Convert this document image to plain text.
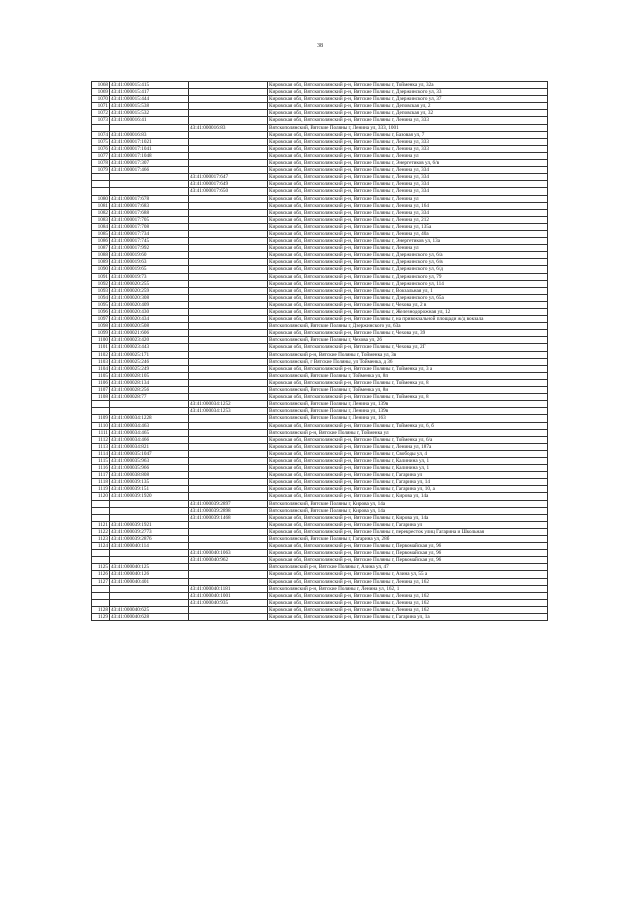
38
1068	43:41:000015:415		Кировская обл, Вятскополянский р-н, Вятские Поляны г, Тойменка ул, 32а
1069	43:41:000015:417		Кировская обл, Вятскополянский р-н, Вятские Поляны г, Дзержинского ул, 33
1070	43:41:000015:444		Кировская обл, Вятскополянский р-н, Вятские Поляны г, Дзержинского ул, 37
1071	43:41:000015:538		Кировская обл, Вятскополянский р-н, Вятские Поляны г, Деповская ул, 2
1072	43:41:000015:532		Кировская обл, Вятскополянский р-н, Вятские Поляны г, Деповская ул, 32
1073	43:41:000016:41		Кировская обл, Вятскополянский р-н, Вятские Поляны г, Ленина ул, 333
		43:41:000016:83	Вятскополянский, Вятские Поляны г, Ленина ул, 333, 1001
1074	43:41:000016:83		Кировская обл, Вятскополянский р-н, Вятские Поляны г, Базовая ул, 7
1075	43:41:000017:1021		Кировская обл, Вятскополянский р-н, Вятские Поляны г, Ленина ул, 333
1076	43:41:000017:1041		Кировская обл, Вятскополянский р-н, Вятские Поляны г, Ленина ул, 333
1077	43:41:000017:1048		Кировская обл, Вятскополянский р-н, Вятские Поляны г, Ленина ул
1078	43:41:000017:307		Кировская обл, Вятскополянский р-н, Вятские Поляны г, Энергетиков ул, 6/в
1079	43:41:000017:466		Кировская обл, Вятскополянский р-н, Вятские Поляны г, Ленина ул, 334
		43:41:000017:647	Кировская обл, Вятскополянский р-н, Вятские Поляны г, Ленина ул, 334
		43:41:000017:649	Кировская обл, Вятскополянский р-н, Вятские Поляны г, Ленина ул, 334
		43:41:000017:650	Кировская обл, Вятскополянский р-н, Вятские Поляны г, Ленина ул, 334
1080	43:41:000017:678		Кировская обл, Вятскополянский р-н, Вятские Поляны г, Ленина ул
1081	43:41:000017:683		Кировская обл, Вятскополянский р-н, Вятские Поляны г, Ленина ул, 164
1082	43:41:000017:688		Кировская обл, Вятскополянский р-н, Вятские Поляны г, Ленина ул, 334
1083	43:41:000017:705		Кировская обл, Вятскополянский р-н, Вятские Поляны г, Ленина ул, 212
1084	43:41:000017:708		Кировская обл, Вятскополянский р-н, Вятские Поляны г, Ленина ул, 135а
1085	43:41:000017:734		Кировская обл, Вятскополянский р-н, Вятские Поляны г, Ленина ул, 40а
1086	43:41:000017:745		Кировская обл, Вятскополянский р-н, Вятские Поляны г, Энергетиков ул, 13а
1087	43:41:000017:992		Кировская обл, Вятскополянский р-н, Вятские Поляны г, Ленина ул
1088	43:41:000019:60		Кировская обл, Вятскополянский р-н, Вятские Поляны г, Дзержинского ул, 6/а
1089	43:41:000019:63		Кировская обл, Вятскополянский р-н, Вятские Поляны г, Дзержинского ул, 6/в
1090	43:41:000019:65		Кировская обл, Вятскополянский р-н, Вятские Поляны г, Дзержинского ул, 6/д
1091	43:41:000019:73		Кировская обл, Вятскополянский р-н, Вятские Поляны г, Дзержинского ул, 79
1092	43:41:000020:255		Кировская обл, Вятскополянский р-н, Вятские Поляны г, Дзержинского ул, 114
1093	43:41:000020:259		Кировская обл, Вятскополянский р-н, Вятские Поляны г, Вокзальная ул, 1
1094	43:41:000020:308		Кировская обл, Вятскополянский р-н, Вятские Поляны г, Дзержинского ул, 65а
1095	43:41:000020:409		Кировская обл, Вятскополянский р-н, Вятские Поляны г, Чехова ул, 2 в
1096	43:41:000020:430		Кировская обл, Вятскополянский р-н, Вятские Поляны г, Железнодорожная ул, 12
1097	43:41:000020:434		Кировская обл, Вятскополянский р-н, Вятские Поляны г, на привокзальной площади ж/д вокзала
1098	43:41:000020:508		Вятскополянский, Вятские Поляны г, Дзержинского ул, 63а
1099	43:41:000021:606		Кировская обл, Вятскополянский р-н, Вятские Поляны г, Чехова ул, 39
1100	43:41:000023:420		Вятскополянский, Вятские Поляны г, Чехова ул, 26
1101	43:41:000023:443		Кировская обл, Вятскополянский р-н, Вятские Поляны г, Чехова ул, 2Г
1102	43:41:000025:171		Вятскополянский р-н, Вятские Поляны г, Тойменка ул, 3в
1103	43:41:000025:246		Вятскополянский, г Вятские Поляны, ул Тойменка, д 36
1104	43:41:000025:249		Кировская обл, Вятскополянский р-н, Вятские Поляны г, Тойменка ул, 3 а
1105	43:41:000028:105		Вятскополянский, Вятские Поляны г, Тойменка ул, 8п
1106	43:41:000028:134		Кировская обл, Вятскополянский р-н, Вятские Поляны г, Тойменка ул, 8
1107	43:41:000028:256		Вятскополянский, Вятские Поляны г, Тойменка ул, 8и
1108	43:41:000028:77		Кировская обл, Вятскополянский р-н, Вятские Поляны г, Тойменка ул, 8
		43:41:000034:1252	Вятскополянский, Вятские Поляны г, Ленина ул, 139в
		43:41:000034:1253	Вятскополянский, Вятские Поляны г, Ленина ул, 139в
1109	43:41:000034:1228		Вятскополянский, Вятские Поляны г, Ленина ул, 163
1110	43:41:000034:463		Кировская обл, Вятскополянский р-н, Вятские Поляны г, Тойменка ул, 6, б
1111	43:41:000034:465		Вятскополянский р-н, Вятские Поляны г, Тойменка ул
1112	43:41:000034:466		Кировская обл, Вятскополянский р-н, Вятские Поляны г, Тойменка ул, 6/а
1113	43:41:000034:821		Кировская обл, Вятскополянский р-н, Вятские Поляны г, Ленина ул, 187а
1114	43:41:000035:1047		Кировская обл, Вятскополянский р-н, Вятские Поляны г, Свободы ул, 4
1115	43:41:000035:963		Кировская обл, Вятскополянский р-н, Вятские Поляны г, Калинина ул, 1
1116	43:41:000035:966		Кировская обл, Вятскополянский р-н, Вятские Поляны г, Калинина ул, 1
1117	43:41:000038:808		Кировская обл, Вятскополянский р-н, Вятские Поляны г, Гагарина ул
1118	43:41:000039:135		Кировская обл, Вятскополянский р-н, Вятские Поляны г, Гагарина ул, 14
1119	43:41:000039:151		Кировская обл, Вятскополянский р-н, Вятские Поляны г, Гагарина ул, 10, а
1120	43:41:000039:1920		Кировская обл, Вятскополянский р-н, Вятские Поляны г, Кирова ул, 14а
		43:41:000039:2897	Вятскополянский, Вятские Поляны г, Кирова ул, 14а
		43:41:000039:2898	Вятскополянский, Вятские Поляны г, Кирова ул, 14а
		43:41:000039:1468	Кировская обл, Вятскополянский р-н, Вятские Поляны г, Кирова ул, 14а
1121	43:41:000039:1921		Кировская обл, Вятскополянский р-н, Вятские Поляны г, Гагарина ул
1122	43:41:000039:2773		Кировская обл, Вятскополянский р-н, Вятские Поляны г, перекресток улиц Гагарина и Школьная
1123	43:41:000039:2876		Вятскополянский, Вятские Поляны г, Гагарина ул, 28б
1124	43:41:000040:114		Кировская обл, Вятскополянский р-н, Вятские Поляны г, Первомайская ул, 96
		43:41:000040:1063	Кировская обл, Вятскополянский р-н, Вятские Поляны г, Первомайская ул, 96
		43:41:000040:962	Кировская обл, Вятскополянский р-н, Вятские Поляны г, Первомайская ул, 96
1125	43:41:000040:125		Вятскополянский р-н, Вятские Поляны г, Азина ул, 47
1126	43:41:000040:126		Кировская обл, Вятскополянский р-н, Вятские Поляны г, Азина ул, 55 а
1127	43:41:000040:401		Кировская обл, Вятскополянский р-н, Вятские Поляны г, Ленина ул, 162
		43:41:000040:1181	Вятскополянский р-н, Вятские Поляны г, Ленина ул, 162, 1
		43:41:000040:1001	Кировская обл, Вятскополянский р-н, Вятские Поляны г, Ленина ул, 162
		43:41:000040:935	Кировская обл, Вятскополянский р-н, Вятские Поляны г, Ленина ул, 162
1128	43:41:000040:625		Кировская обл, Вятскополянский р-н, Вятские Поляны г, Ленина ул, 162
1129	43:41:000040:628		Кировская обл, Вятскополянский р-н, Вятские Поляны г, Гагарина ул, 1а
